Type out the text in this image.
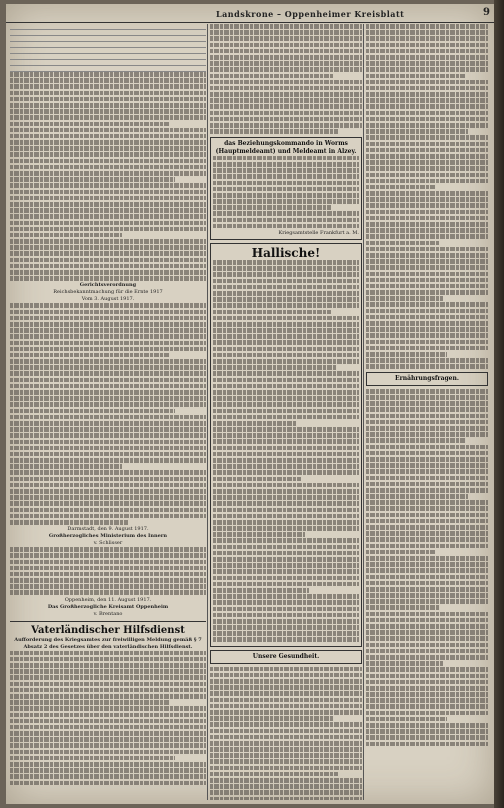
Landskrone – Oppenheimer Kreisblatt	9

Gerichtsverordnung
Reichsbekanntmachung für die Ernte 1917
Vom 3. August 1917.
Darmstadt, den 9. August 1917.
Großherzogliches Ministerium des Innern
v. Schlisser
Oppenheim, den 11. August 1917.
Das Großherzogliche Kreisamt Oppenheim
v. Brentano
Vaterländischer Hilfsdienst
Aufforderung des Kriegsamtes zur freiwilligen Meldung gemäß § 7 Absatz 2 des Gesetzes über den vaterländischen Hilfsdienst.
das Beziehungskommando in Worms
(Hauptmeldeamt) und Meldeamt in Alzey.
Kriegsamtstelle Frankfurt a. M.
Hallische!
Unsere Gesundheit.
Ernährungsfragen.
